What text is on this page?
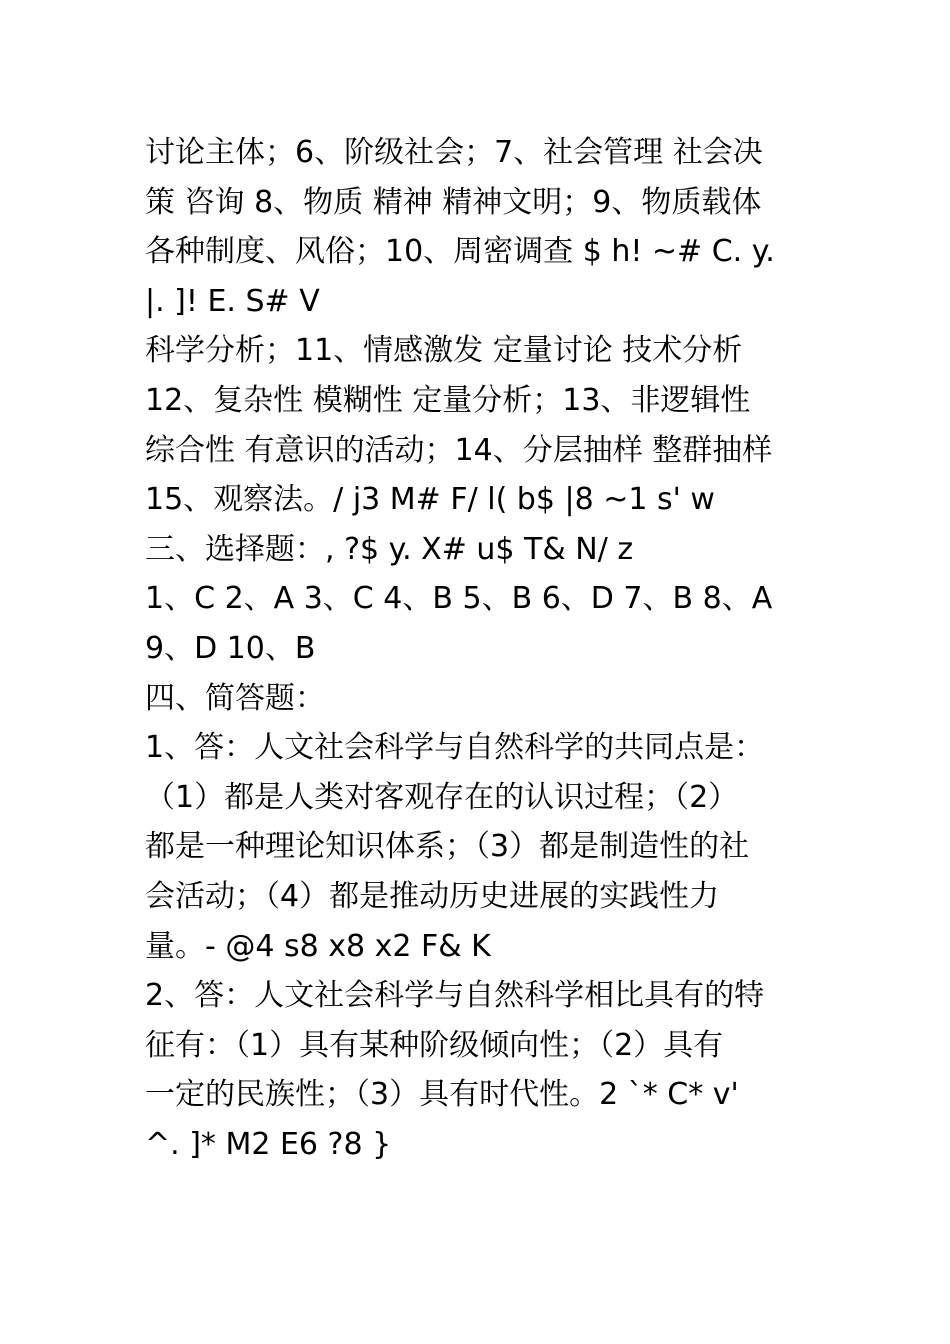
讨论主体；6、阶级社会；7、社会管理 社会决
策 咨询 8、物质 精神 精神文明；9、物质载体
各种制度、风俗；10、周密调查 $ h! ~# C. y.
|. ]! E. S# V
科学分析；11、情感激发 定量讨论 技术分析
12、复杂性 模糊性 定量分析；13、非逻辑性
综合性 有意识的活动；14、分层抽样 整群抽样
15、观察法。/ j3 M# F/ l( b$ |8 ~1 s' w
三、选择题：, ?$ y. X# u$ T& N/ z
1、C 2、A 3、C 4、B 5、B 6、D 7、B 8、A
9、D 10、B
四、简答题：
1、答：人文社会科学与自然科学的共同点是：
（1）都是人类对客观存在的认识过程；（2）
都是一种理论知识体系；（3）都是制造性的社
会活动；（4）都是推动历史进展的实践性力
量。- @4 s8 x8 x2 F& K
2、答：人文社会科学与自然科学相比具有的特
征有：（1）具有某种阶级倾向性；（2）具有
一定的民族性；（3）具有时代性。2 `* C* v'
^. ]* M2 E6 ?8 }
